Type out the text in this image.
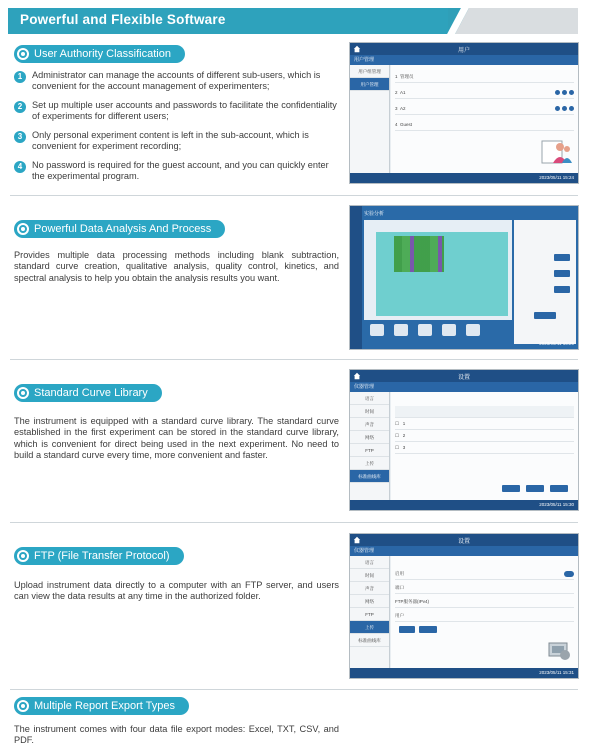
Powerful and Flexible Software
User Authority Classification
1	Administrator can manage the accounts of different sub-users, which is convenient for the account management of experimenters;
2	Set up multiple user accounts and passwords to facilitate the confidentiality of experiments for different users;
3	Only personal experiment content is left in the sub-account, which is convenient for experiment recording;
4	No password is required for the guest account, and you can quickly enter the experimental program.
用户
用户管理
用户组管理
用户管理
1  管理员
2  A1
3  A2
4  Guest
2023/05/11 15:24
Powerful Data Analysis And Process
Provides multiple data processing methods including blank subtraction, standard curve creation, qualitative analysis, quality control, kinetics, and spectral analysis to help you obtain the analysis results you want.
实验分析
2023/05/11 15:29
Standard Curve Library
The instrument is equipped with a standard curve library. The standard curve established in the first experiment can be stored in the standard curve library, which is convenient for direct being used in the next experiment. No need to build a standard curve every time, more convenient and faster.
设置
仪器管理
语言
时间
声音
网络
FTP
上传
标准曲线库
☐   1
☐   2
☐   3
2023/05/11 15:30
FTP (File Transfer Protocol)
Upload instrument data directly to a computer with an FTP server, and users can view the data results at any time in the authorized folder.
设置
仪器管理
语言
时间
声音
网络
FTP
上传
标准曲线库
启用
端口
FTP服务器(IPv4)
用户
2023/05/11 15:31
Multiple Report Export Types
The instrument comes with four data file export modes: Excel, TXT, CSV, and PDF.
